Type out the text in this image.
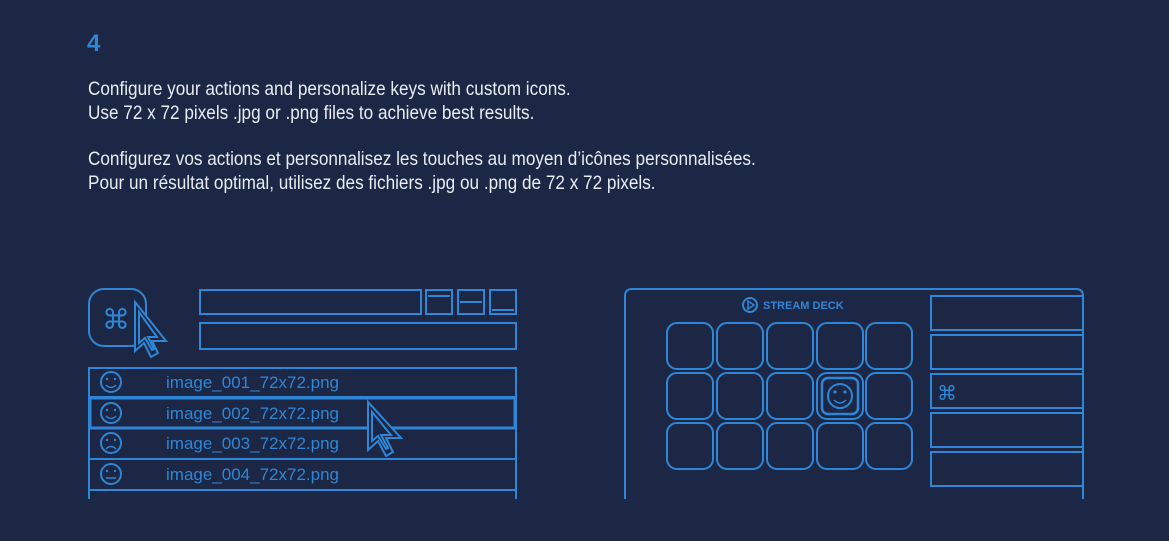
4

Configure your actions and personalize keys with custom icons.
Use 72 x 72 pixels .jpg or .png files to achieve best results.

Configurez vos actions et personnalisez les touches au moyen d’icônes personnalisées.
Pour un résultat optimal, utilisez des fichiers .jpg ou .png de 72 x 72 pixels.

⌘
image_001_72x72.png
image_002_72x72.png
image_003_72x72.png
image_004_72x72.png
STREAM DECK
⌘
